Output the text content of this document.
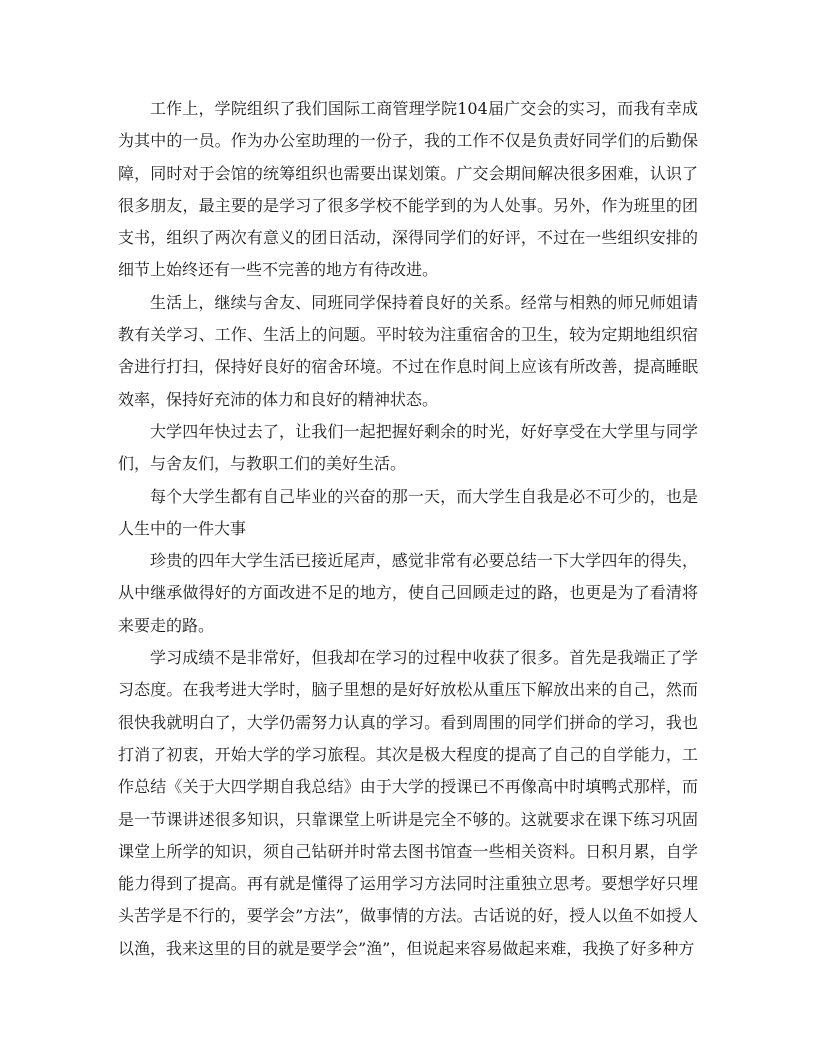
工作上，学院组织了我们国际工商管理学院104届广交会的实习，而我有幸成为其中的一员。作为办公室助理的一份子，我的工作不仅是负责好同学们的后勤保障，同时对于会馆的统筹组织也需要出谋划策。广交会期间解决很多困难，认识了很多朋友，最主要的是学习了很多学校不能学到的为人处事。另外，作为班里的团支书，组织了两次有意义的团日活动，深得同学们的好评，不过在一些组织安排的细节上始终还有一些不完善的地方有待改进。

生活上，继续与舍友、同班同学保持着良好的关系。经常与相熟的师兄师姐请教有关学习、工作、生活上的问题。平时较为注重宿舍的卫生，较为定期地组织宿舍进行打扫，保持好良好的宿舍环境。不过在作息时间上应该有所改善，提高睡眠效率，保持好充沛的体力和良好的精神状态。

大学四年快过去了，让我们一起把握好剩余的时光，好好享受在大学里与同学们，与舍友们，与教职工们的美好生活。

每个大学生都有自己毕业的兴奋的那一天，而大学生自我是必不可少的，也是人生中的一件大事

珍贵的四年大学生活已接近尾声，感觉非常有必要总结一下大学四年的得失，从中继承做得好的方面改进不足的地方，使自己回顾走过的路，也更是为了看清将来要走的路。

学习成绩不是非常好，但我却在学习的过程中收获了很多。首先是我端正了学习态度。在我考进大学时，脑子里想的是好好放松从重压下解放出来的自己，然而很快我就明白了，大学仍需努力认真的学习。看到周围的同学们拼命的学习，我也打消了初衷，开始大学的学习旅程。其次是极大程度的提高了自己的自学能力，工作总结《关于大四学期自我总结》由于大学的授课已不再像高中时填鸭式那样，而是一节课讲述很多知识，只靠课堂上听讲是完全不够的。这就要求在课下练习巩固课堂上所学的知识，须自己钻研并时常去图书馆查一些相关资料。日积月累，自学能力得到了提高。再有就是懂得了运用学习方法同时注重独立思考。要想学好只埋头苦学是不行的，要学会”方法”，做事情的方法。古话说的好，授人以鱼不如授人以渔，我来这里的目的就是要学会”渔”，但说起来容易做起来难，我换了好多种方
